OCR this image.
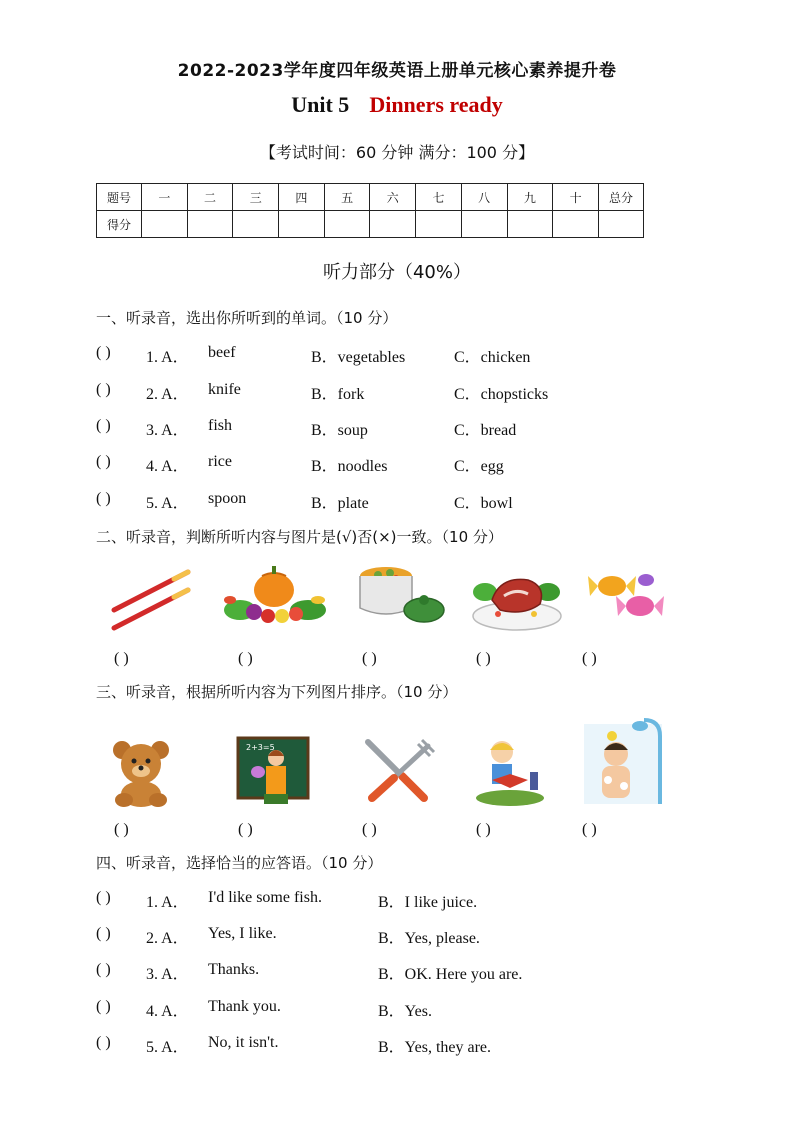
2022-2023学年度四年级英语上册单元核心素养提升卷
Unit 5 Dinners ready
【考试时间：60 分钟 满分：100 分】
题号	一	二	三	四	五	六	七	八	九	十	总分
得分											
听力部分（40%）
一、听录音，选出你所听到的单词。（10 分）
( ) 1. A． beef	B．vegetables	C．chicken
( ) 2. A． knife	B．fork	C．chopsticks
( ) 3. A． fish	B．soup	C．bread
( ) 4. A． rice	B．noodles	C．egg
( ) 5. A． spoon	B．plate	C．bowl
二、听录音，判断所听内容与图片是(√)否(×)一致。（10 分）
( )	( )	( )	( )	( )
三、听录音，根据所听内容为下列图片排序。（10 分）
2+3=5
( )	( )	( )	( )	( )
四、听录音，选择恰当的应答语。（10 分）
( ) 1. A． I'd like some fish.	B．I like juice.
( ) 2. A． Yes, I like.	B．Yes, please.
( ) 3. A． Thanks.	B．OK. Here you are.
( ) 4. A． Thank you.	B．Yes.
( ) 5. A． No, it isn't.	B．Yes, they are.
